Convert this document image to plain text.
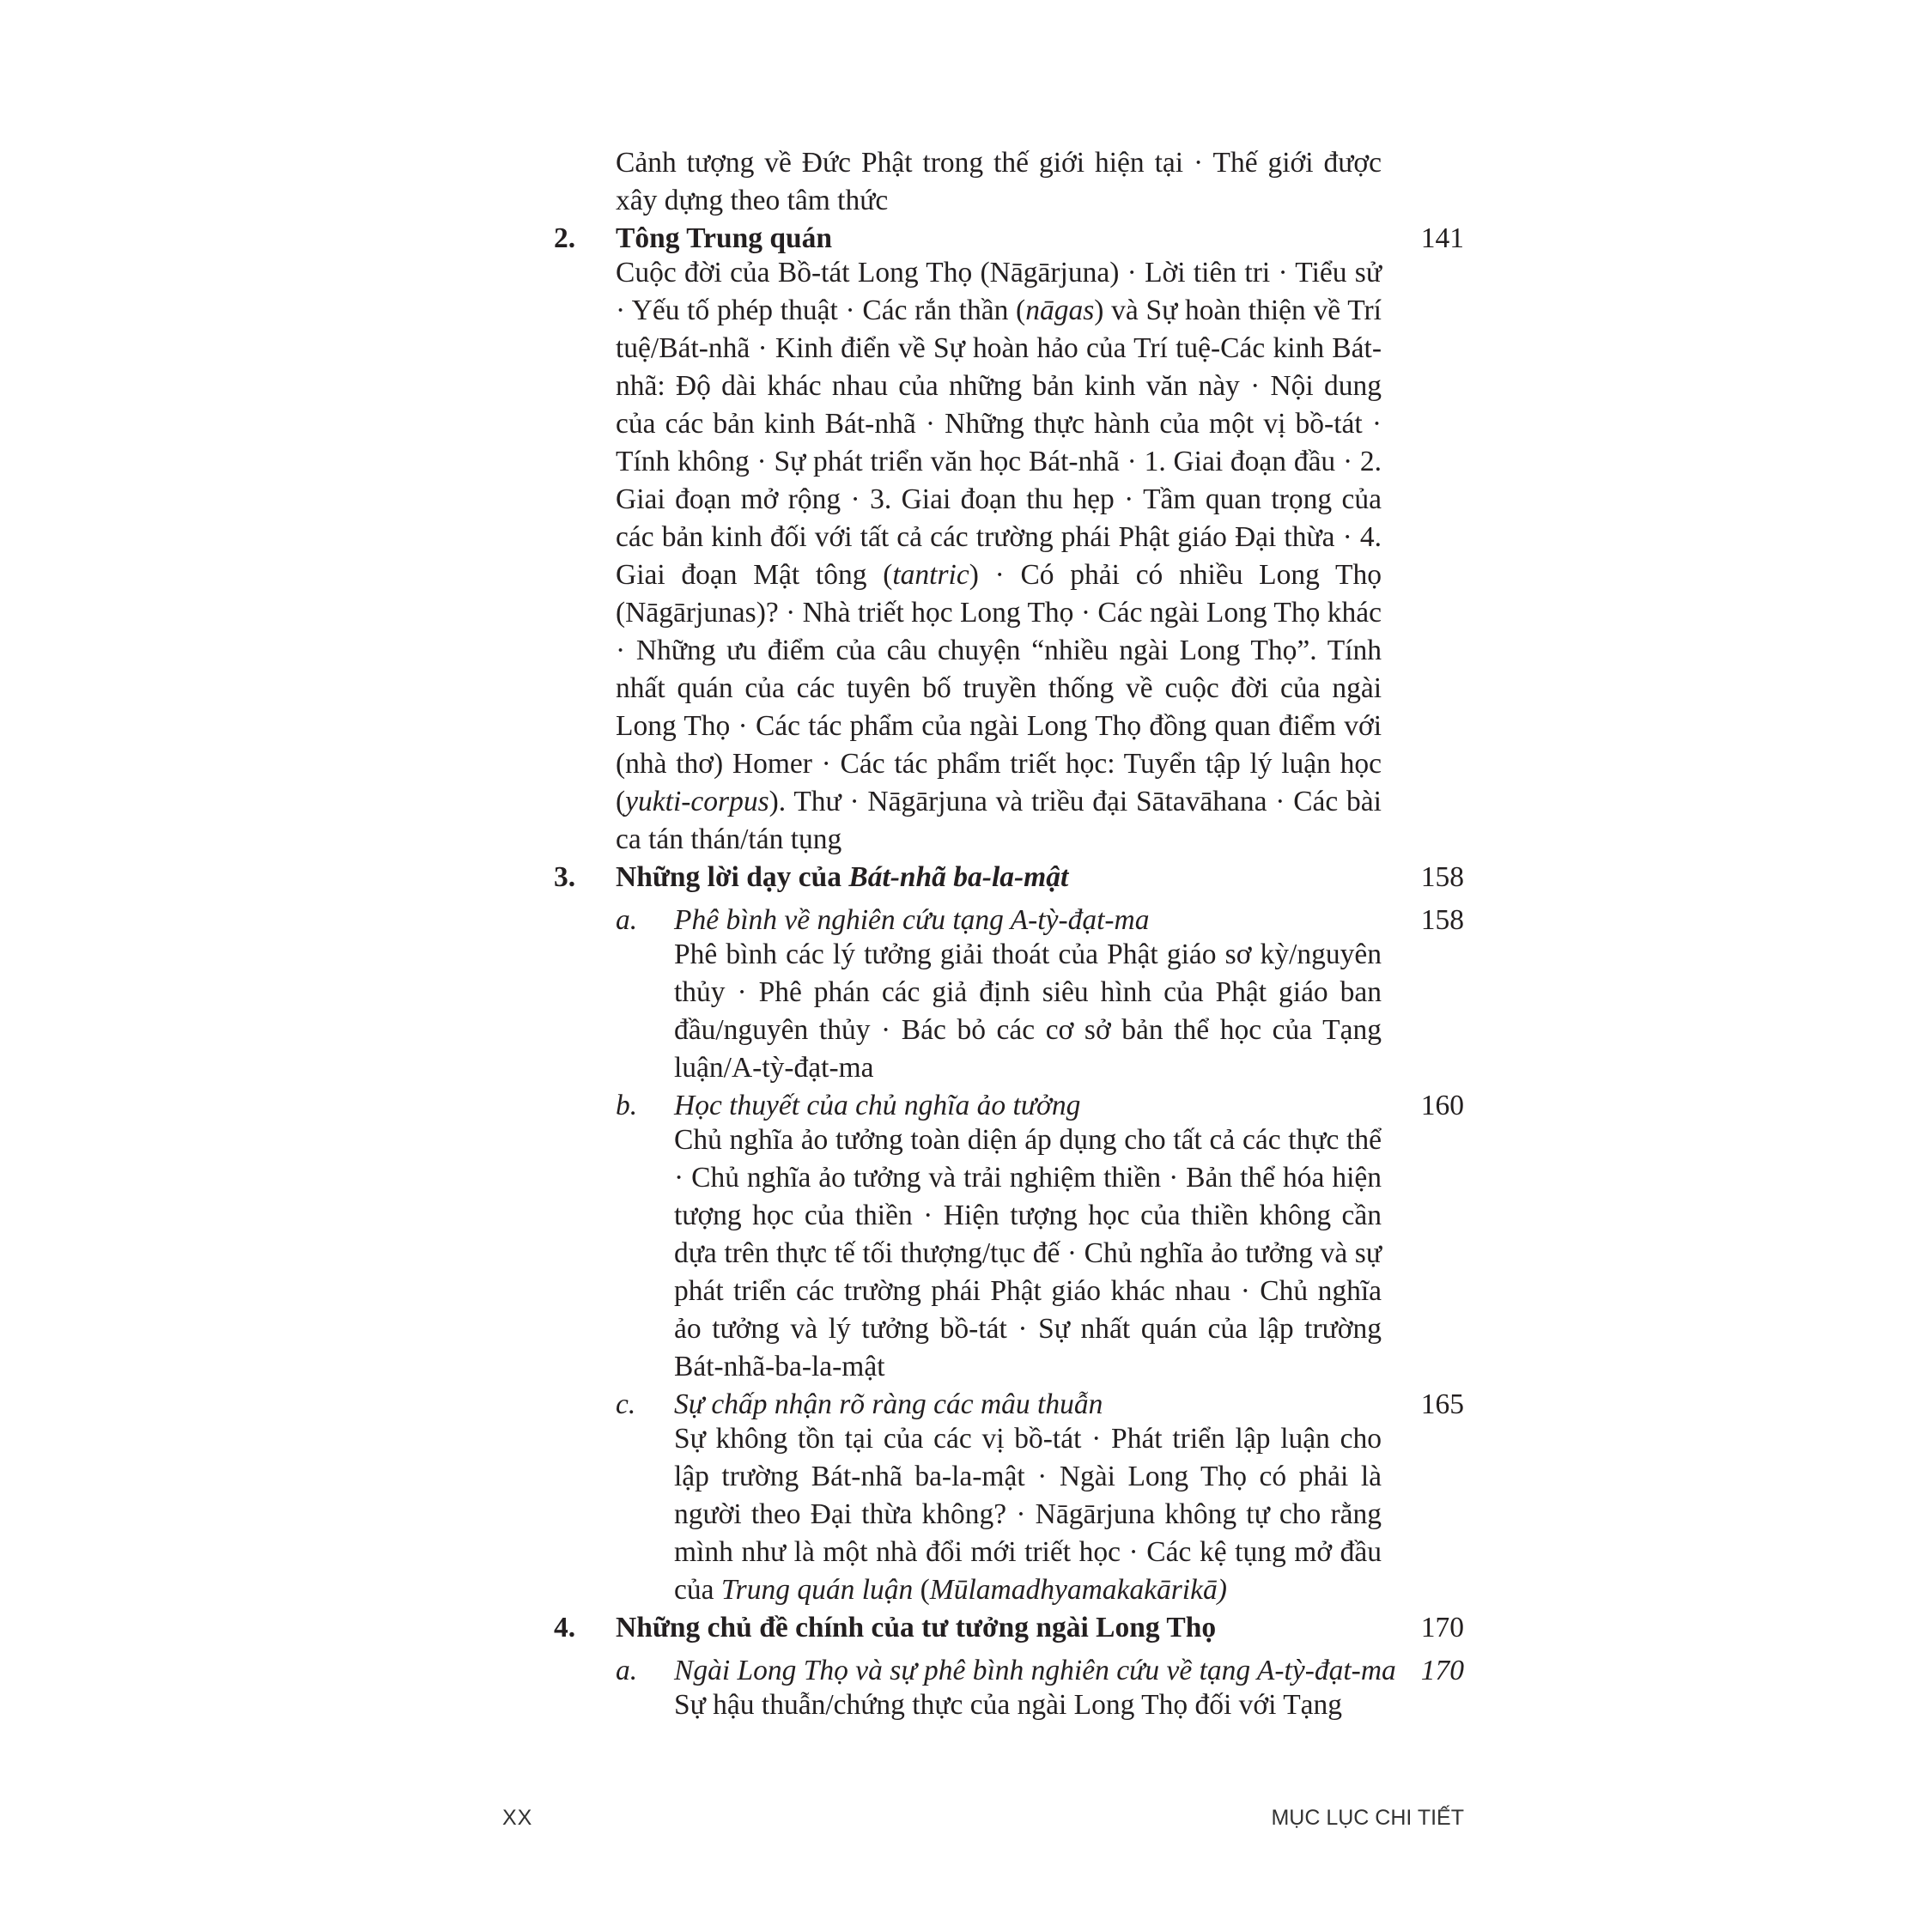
Cảnh tượng về Đức Phật trong thế giới hiện tại · Thế giới được xây dựng theo tâm thức
2. Tông Trung quán	141
Cuộc đời của Bồ-tát Long Thọ (Nāgārjuna) · Lời tiên tri · Tiểu sử · Yếu tố phép thuật · Các rắn thần (nāgas) và Sự hoàn thiện về Trí tuệ/Bát-nhã · Kinh điển về Sự hoàn hảo của Trí tuệ-Các kinh Bát-nhã: Độ dài khác nhau của những bản kinh văn này · Nội dung của các bản kinh Bát-nhã · Những thực hành của một vị bồ-tát · Tính không · Sự phát triển văn học Bát-nhã · 1. Giai đoạn đầu · 2. Giai đoạn mở rộng · 3. Giai đoạn thu hẹp · Tầm quan trọng của các bản kinh đối với tất cả các trường phái Phật giáo Đại thừa · 4. Giai đoạn Mật tông (tantric) · Có phải có nhiều Long Thọ (Nāgārjunas)? · Nhà triết học Long Thọ · Các ngài Long Thọ khác · Những ưu điểm của câu chuyện “nhiều ngài Long Thọ”. Tính nhất quán của các tuyên bố truyền thống về cuộc đời của ngài Long Thọ · Các tác phẩm của ngài Long Thọ đồng quan điểm với (nhà thơ) Homer · Các tác phẩm triết học: Tuyển tập lý luận học (yukti-corpus). Thư · Nāgārjuna và triều đại Sātavāhana · Các bài ca tán thán/tán tụng
3. Những lời dạy của Bát-nhã ba-la-mật	158
a. Phê bình về nghiên cứu tạng A-tỳ-đạt-ma	158
Phê bình các lý tưởng giải thoát của Phật giáo sơ kỳ/nguyên thủy · Phê phán các giả định siêu hình của Phật giáo ban đầu/nguyên thủy · Bác bỏ các cơ sở bản thể học của Tạng luận/A-tỳ-đạt-ma
b. Học thuyết của chủ nghĩa ảo tưởng	160
Chủ nghĩa ảo tưởng toàn diện áp dụng cho tất cả các thực thể · Chủ nghĩa ảo tưởng và trải nghiệm thiền · Bản thể hóa hiện tượng học của thiền · Hiện tượng học của thiền không cần dựa trên thực tế tối thượng/tục đế · Chủ nghĩa ảo tưởng và sự phát triển các trường phái Phật giáo khác nhau · Chủ nghĩa ảo tưởng và lý tưởng bồ-tát · Sự nhất quán của lập trường Bát-nhã-ba-la-mật
c. Sự chấp nhận rõ ràng các mâu thuẫn	165
Sự không tồn tại của các vị bồ-tát · Phát triển lập luận cho lập trường Bát-nhã ba-la-mật · Ngài Long Thọ có phải là người theo Đại thừa không? · Nāgārjuna không tự cho rằng mình như là một nhà đổi mới triết học · Các kệ tụng mở đầu của Trung quán luận (Mūlamadhyamakakārikā)
4. Những chủ đề chính của tư tưởng ngài Long Thọ	170
a. Ngài Long Thọ và sự phê bình nghiên cứu về tạng A-tỳ-đạt-ma 170
Sự hậu thuẫn/chứng thực của ngài Long Thọ đối với Tạng
XX	MỤC LỤC CHI TIẾT
